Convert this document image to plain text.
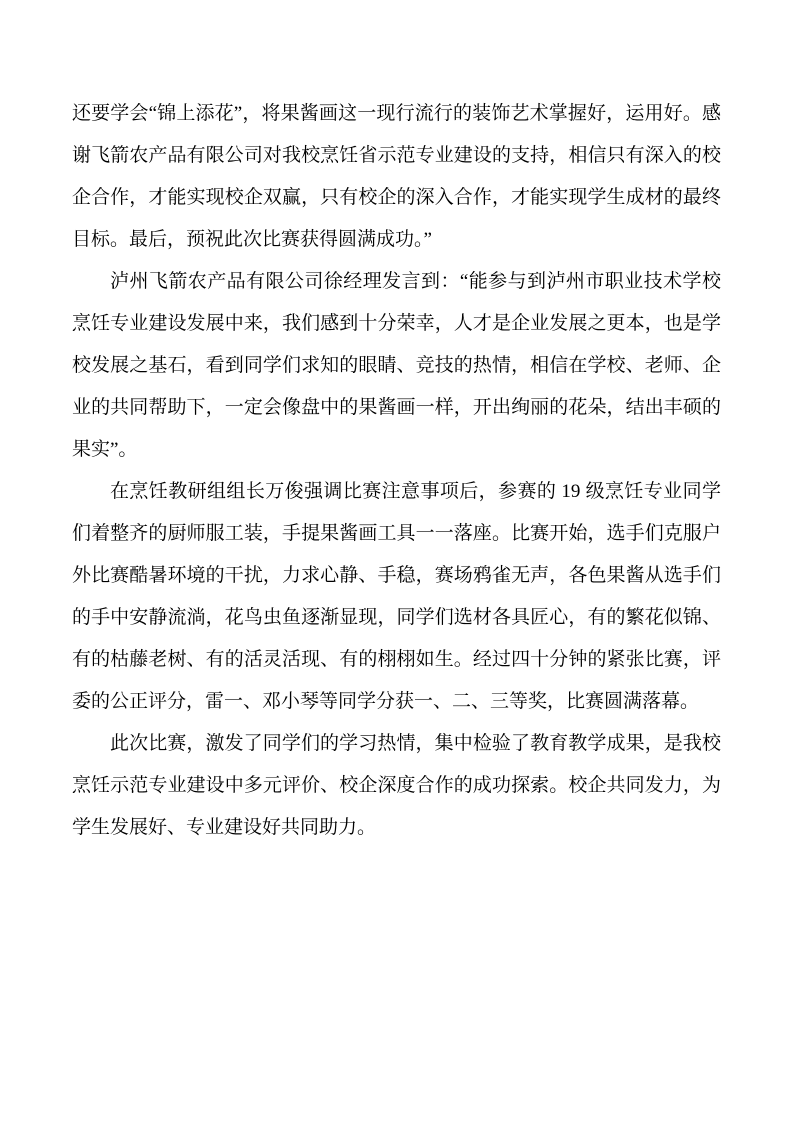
还要学会“锦上添花”，将果酱画这一现行流行的装饰艺术掌握好，运用好。感谢飞箭农产品有限公司对我校烹饪省示范专业建设的支持，相信只有深入的校企合作，才能实现校企双赢，只有校企的深入合作，才能实现学生成材的最终目标。最后，预祝此次比赛获得圆满成功。”

泸州飞箭农产品有限公司徐经理发言到：“能参与到泸州市职业技术学校烹饪专业建设发展中来，我们感到十分荣幸，人才是企业发展之更本，也是学校发展之基石，看到同学们求知的眼睛、竞技的热情，相信在学校、老师、企业的共同帮助下，一定会像盘中的果酱画一样，开出绚丽的花朵，结出丰硕的果实”。

在烹饪教研组组长万俊强调比赛注意事项后，参赛的 19 级烹饪专业同学们着整齐的厨师服工装，手提果酱画工具一一落座。比赛开始，选手们克服户外比赛酷暑环境的干扰，力求心静、手稳，赛场鸦雀无声，各色果酱从选手们的手中安静流淌，花鸟虫鱼逐渐显现，同学们选材各具匠心，有的繁花似锦、有的枯藤老树、有的活灵活现、有的栩栩如生。经过四十分钟的紧张比赛，评委的公正评分，雷一、邓小琴等同学分获一、二、三等奖，比赛圆满落幕。

此次比赛，激发了同学们的学习热情，集中检验了教育教学成果，是我校烹饪示范专业建设中多元评价、校企深度合作的成功探索。校企共同发力，为学生发展好、专业建设好共同助力。
